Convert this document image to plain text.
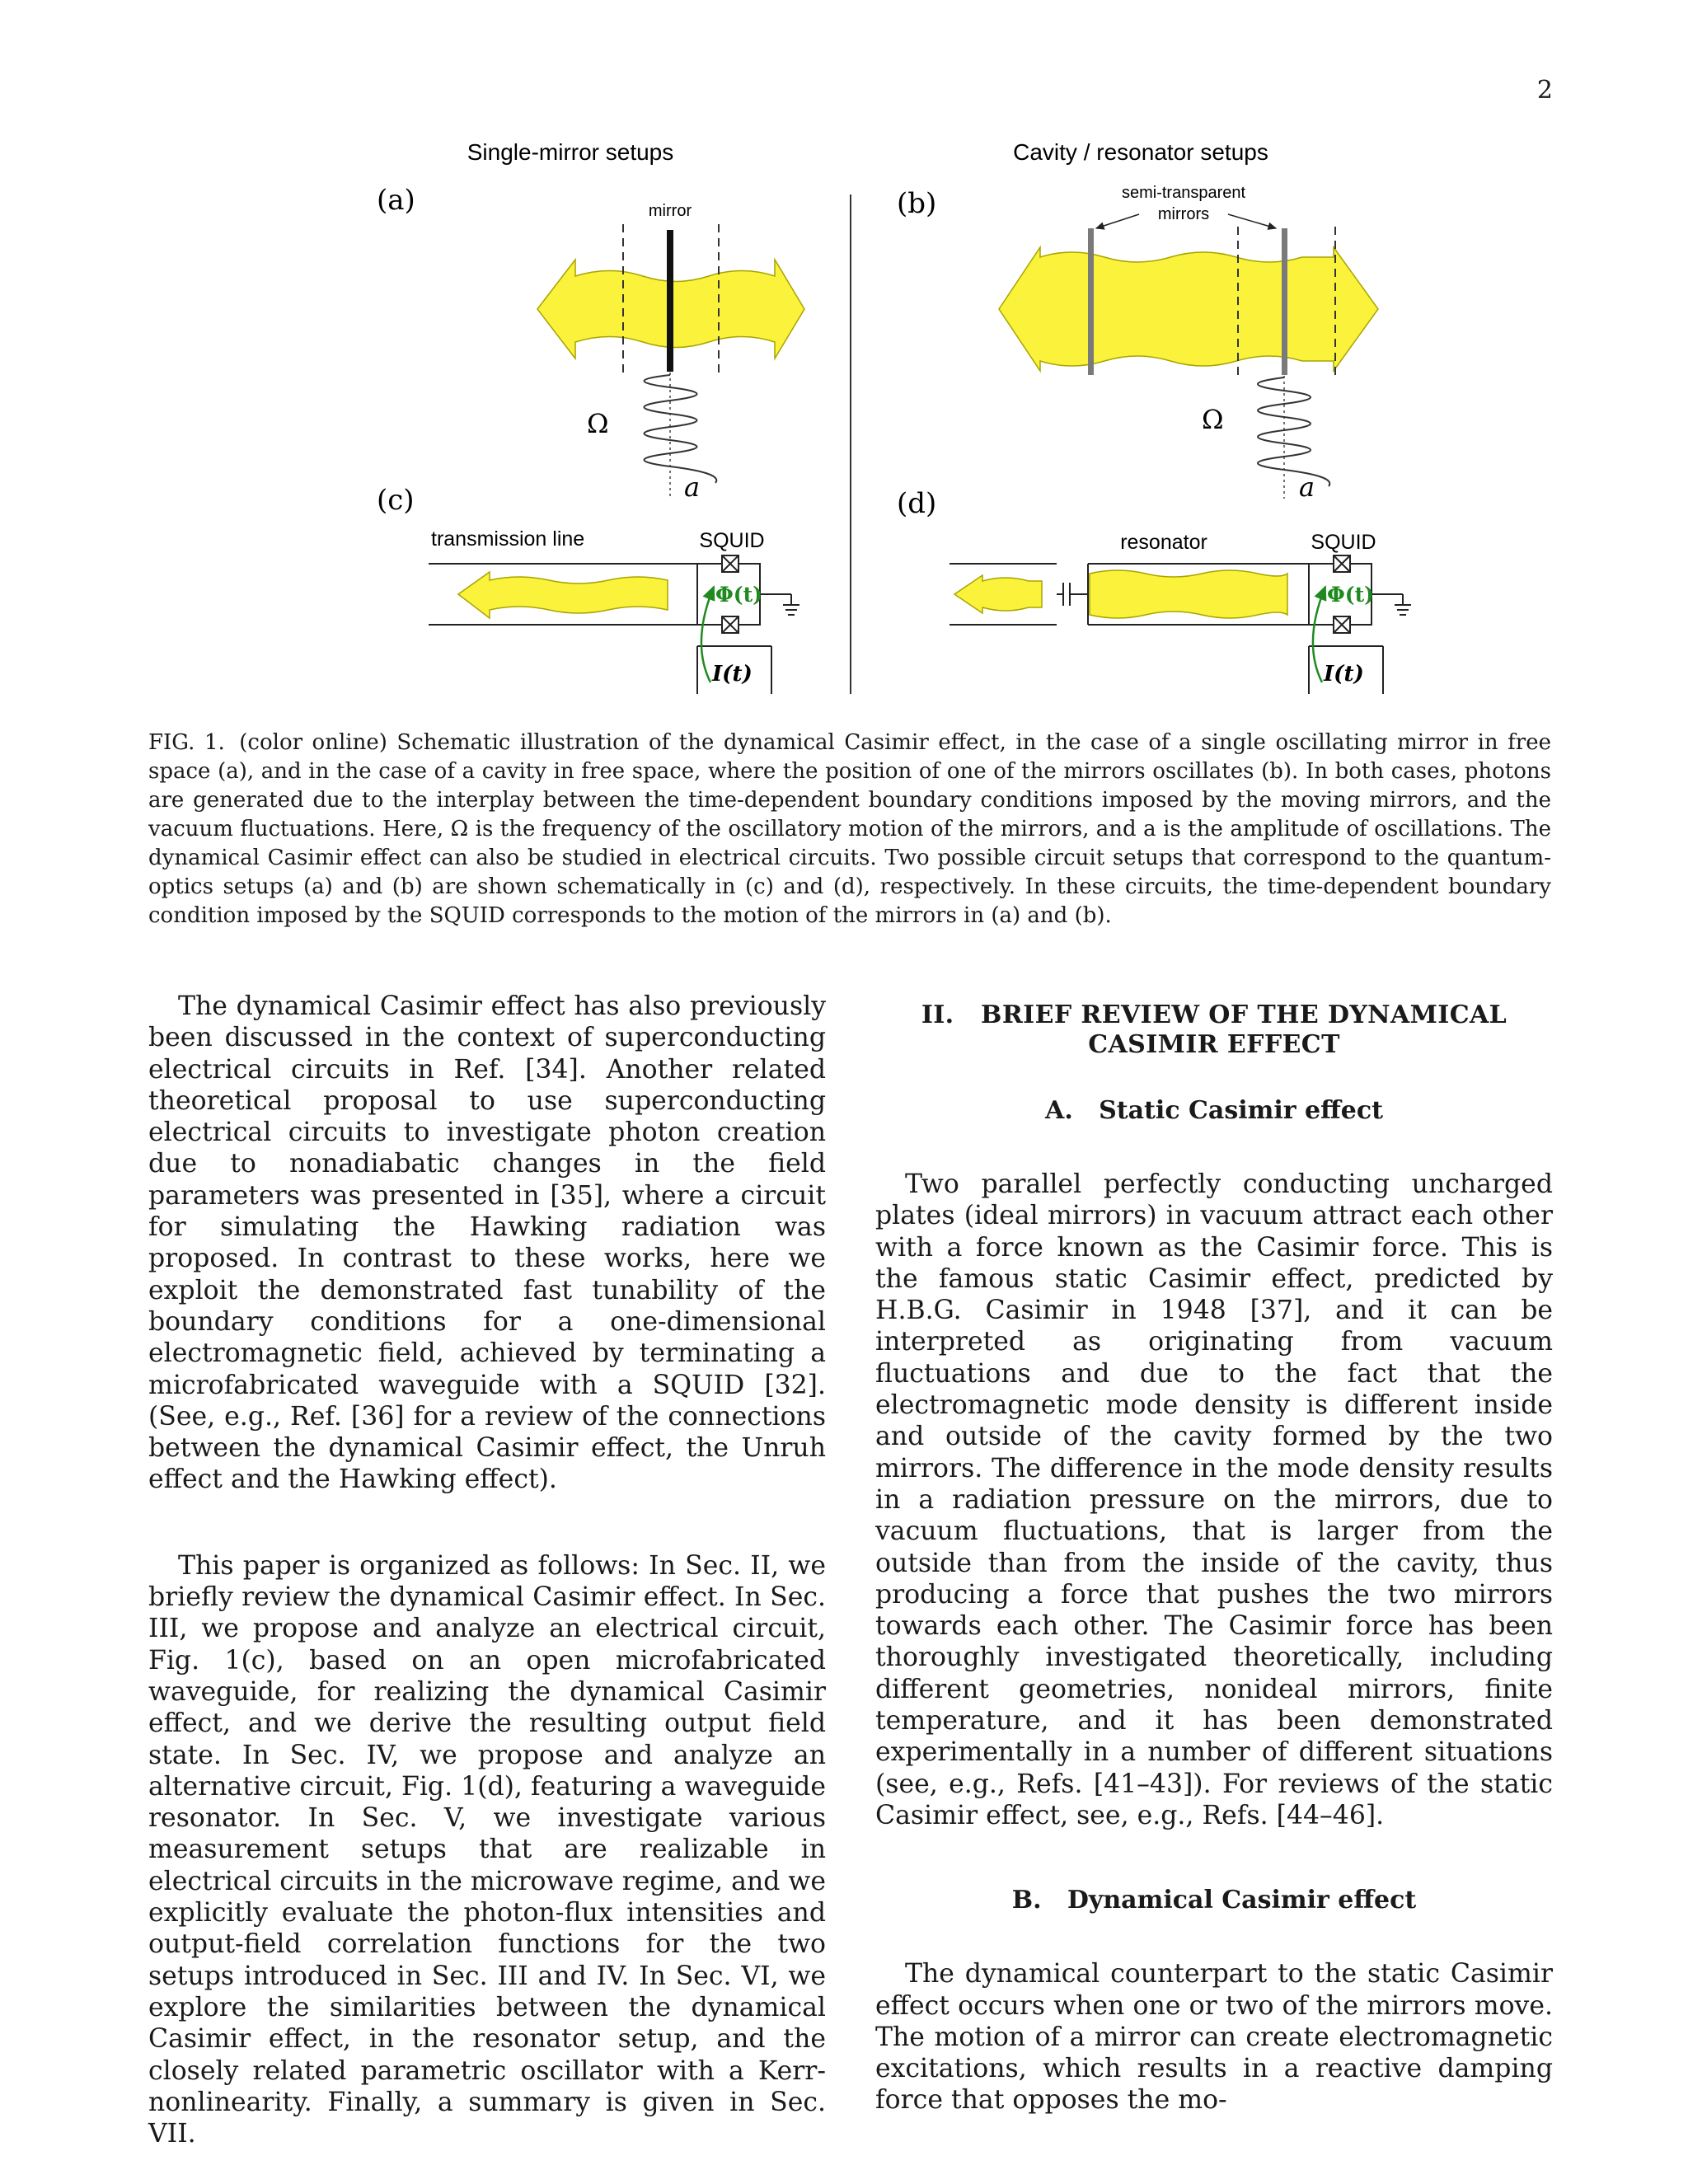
2
Single-mirror setups	Cavity / resonator setups
(a)	(b)
(c)	(d)
mirror
Ω
a
semi-transparent
mirrors
Ω
a
transmission line	SQUID
Φ(t)
I(t)
resonator	SQUID
Φ(t)
I(t)
FIG. 1. (color online) Schematic illustration of the dynamical Casimir effect, in the case of a single oscillating mirror in free space (a), and in the case of a cavity in free space, where the position of one of the mirrors oscillates (b). In both cases, photons are generated due to the interplay between the time-dependent boundary conditions imposed by the moving mirrors, and the vacuum fluctuations. Here, Ω is the frequency of the oscillatory motion of the mirrors, and a is the amplitude of oscillations. The dynamical Casimir effect can also be studied in electrical circuits. Two possible circuit setups that correspond to the quantum-optics setups (a) and (b) are shown schematically in (c) and (d), respectively. In these circuits, the time-dependent boundary condition imposed by the SQUID corresponds to the motion of the mirrors in (a) and (b).

The dynamical Casimir effect has also previously been discussed in the context of superconducting electrical circuits in Ref. [34]. Another related theoretical proposal to use superconducting electrical circuits to investigate photon creation due to nonadiabatic changes in the field parameters was presented in [35], where a circuit for simulating the Hawking radiation was proposed. In contrast to these works, here we exploit the demonstrated fast tunability of the boundary conditions for a one-dimensional electromagnetic field, achieved by terminating a microfabricated waveguide with a SQUID [32]. (See, e.g., Ref. [36] for a review of the connections between the dynamical Casimir effect, the Unruh effect and the Hawking effect).

This paper is organized as follows: In Sec. II, we briefly review the dynamical Casimir effect. In Sec. III, we propose and analyze an electrical circuit, Fig. 1(c), based on an open microfabricated waveguide, for realizing the dynamical Casimir effect, and we derive the resulting output field state. In Sec. IV, we propose and analyze an alternative circuit, Fig. 1(d), featuring a waveguide resonator. In Sec. V, we investigate various measurement setups that are realizable in electrical circuits in the microwave regime, and we explicitly evaluate the photon-flux intensities and output-field correlation functions for the two setups introduced in Sec. III and IV. In Sec. VI, we explore the similarities between the dynamical Casimir effect, in the resonator setup, and the closely related parametric oscillator with a Kerr-nonlinearity. Finally, a summary is given in Sec. VII.

II.   BRIEF REVIEW OF THE DYNAMICAL CASIMIR EFFECT
A.   Static Casimir effect

Two parallel perfectly conducting uncharged plates (ideal mirrors) in vacuum attract each other with a force known as the Casimir force. This is the famous static Casimir effect, predicted by H.B.G. Casimir in 1948 [37], and it can be interpreted as originating from vacuum fluctuations and due to the fact that the electromagnetic mode density is different inside and outside of the cavity formed by the two mirrors. The difference in the mode density results in a radiation pressure on the mirrors, due to vacuum fluctuations, that is larger from the outside than from the inside of the cavity, thus producing a force that pushes the two mirrors towards each other. The Casimir force has been thoroughly investigated theoretically, including different geometries, nonideal mirrors, finite temperature, and it has been demonstrated experimentally in a number of different situations (see, e.g., Refs. [41–43]). For reviews of the static Casimir effect, see, e.g., Refs. [44–46].

B.   Dynamical Casimir effect

The dynamical counterpart to the static Casimir effect occurs when one or two of the mirrors move. The motion of a mirror can create electromagnetic excitations, which results in a reactive damping force that opposes the mo-
